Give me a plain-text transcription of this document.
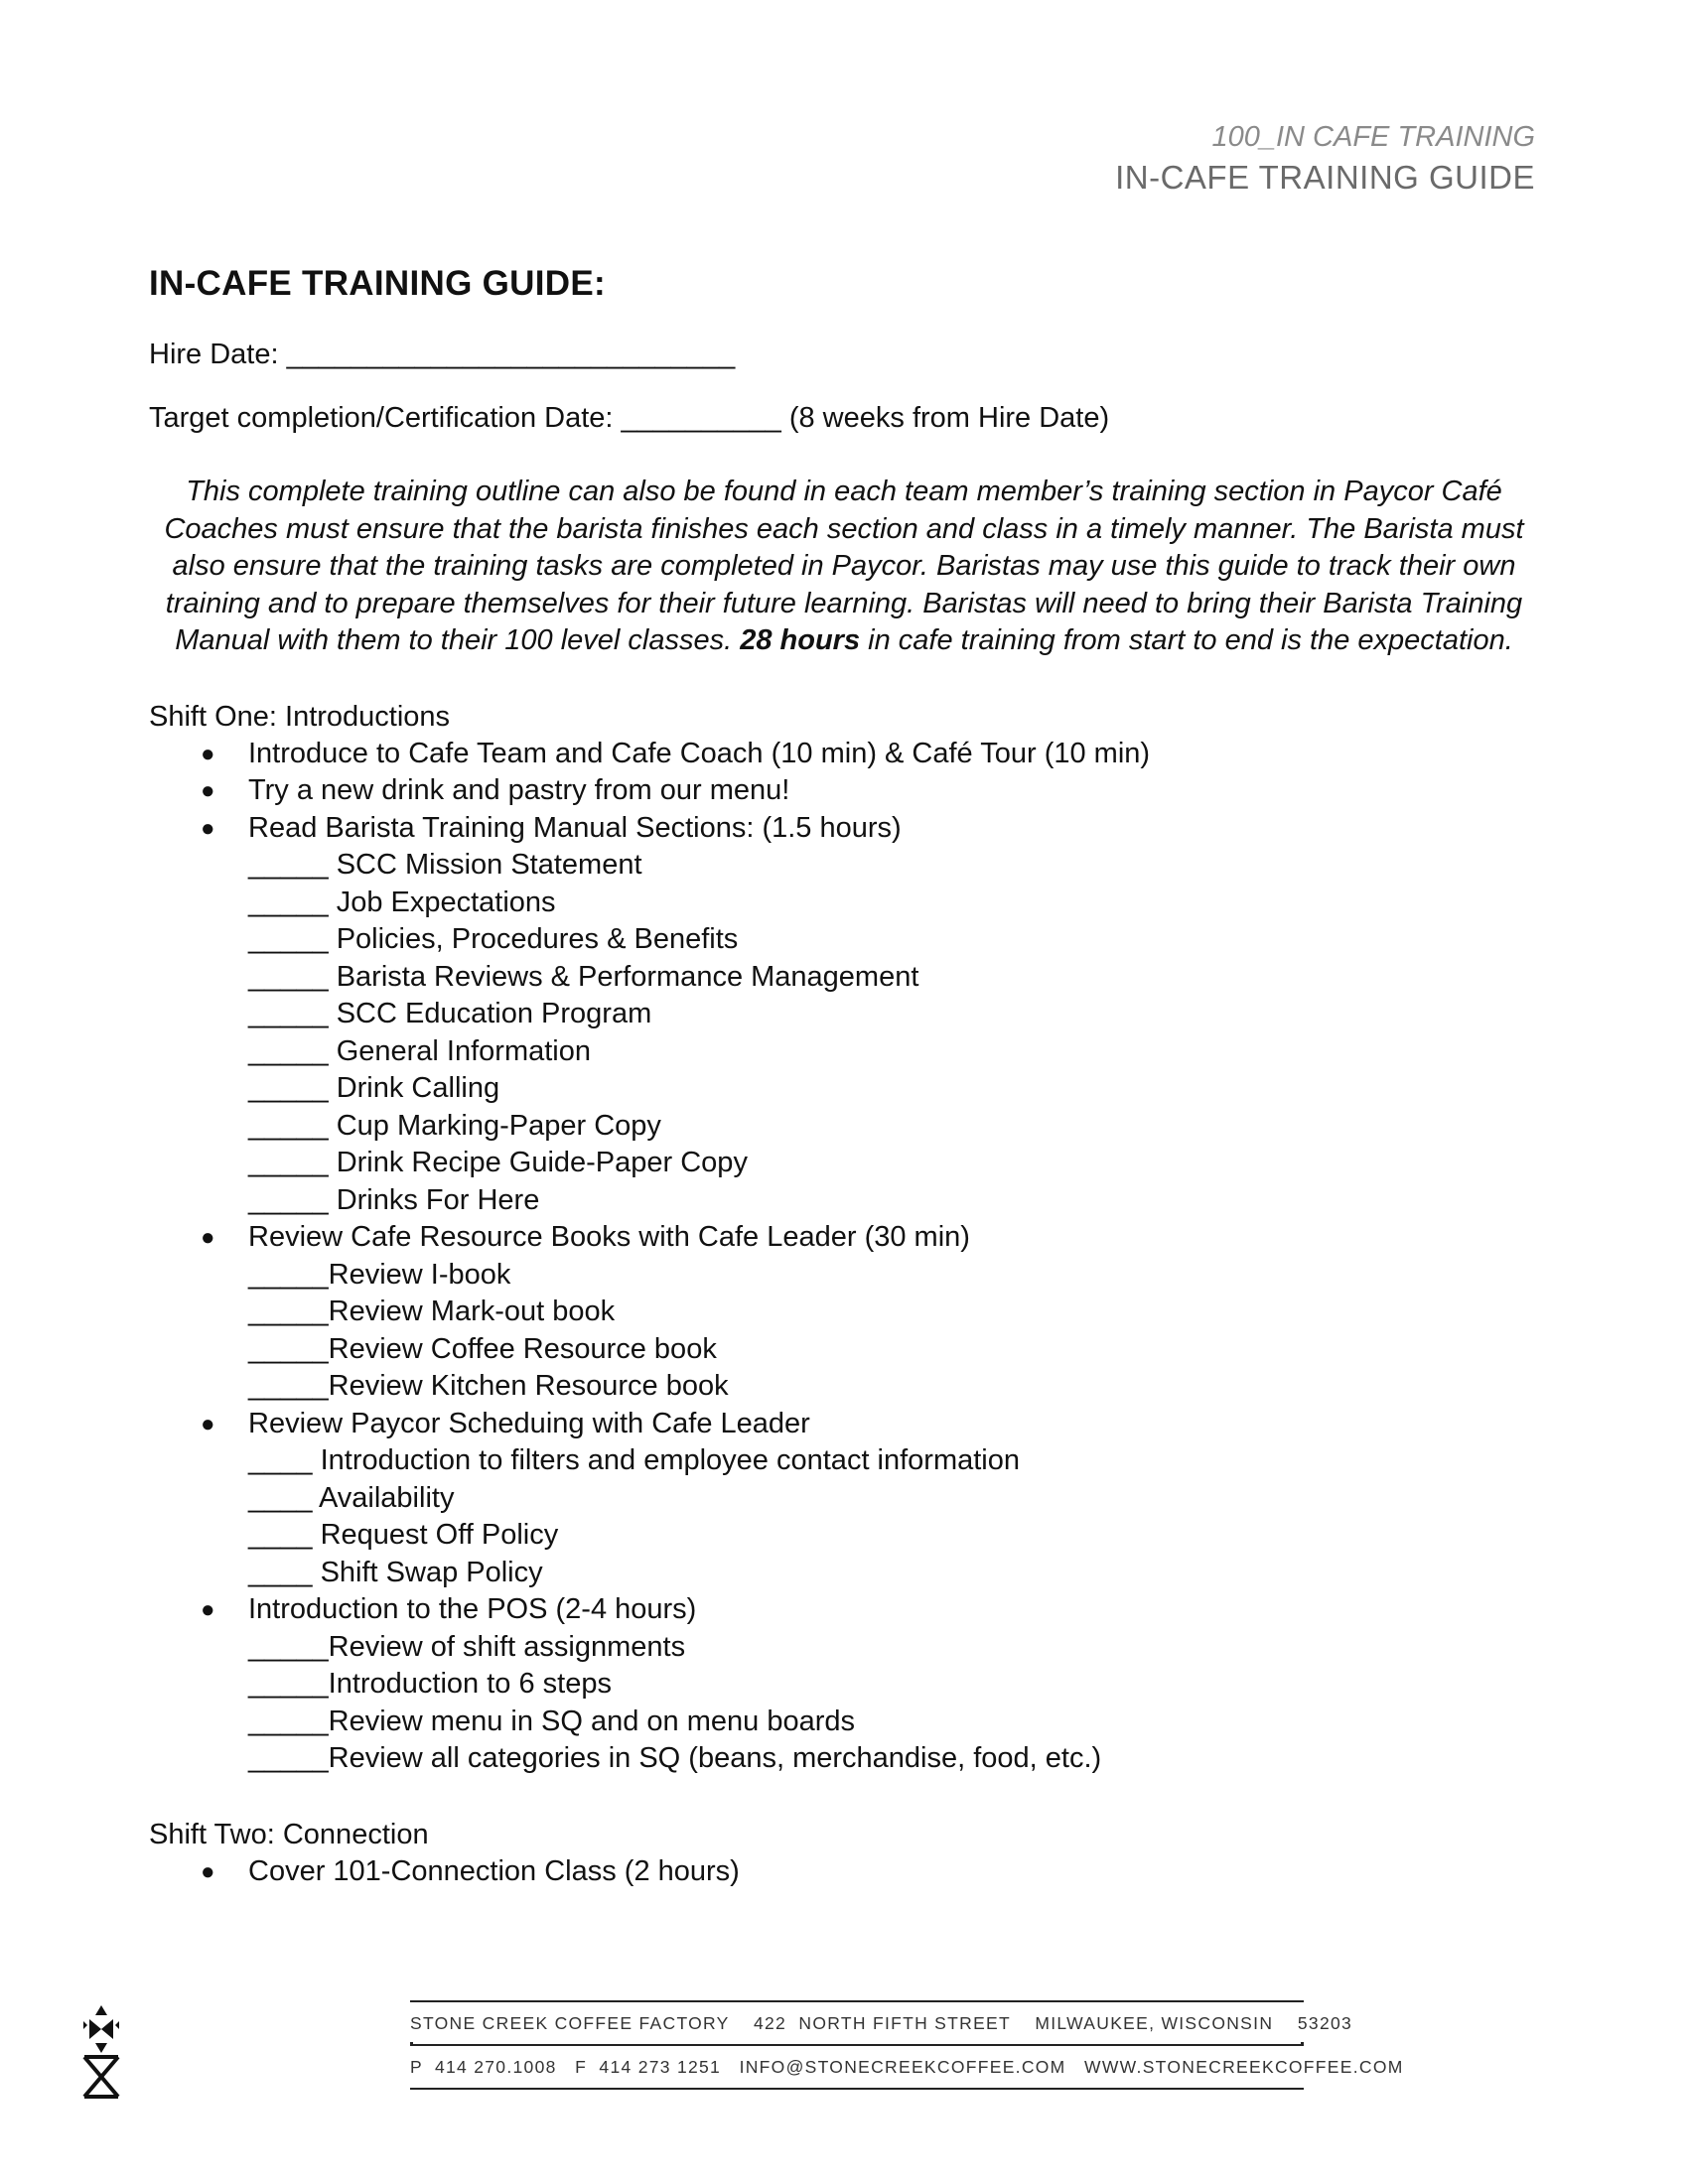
100_IN CAFE TRAINING
IN-CAFE TRAINING GUIDE
IN-CAFE TRAINING GUIDE:
Hire Date: ____________________________
Target completion/Certification Date: __________ (8 weeks from Hire Date)
This complete training outline can also be found in each team member’s training section in Paycor Café Coaches must ensure that the barista finishes each section and class in a timely manner. The Barista must also ensure that the training tasks are completed in Paycor. Baristas may use this guide to track their own training and to prepare themselves for their future learning. Baristas will need to bring their Barista Training Manual with them to their 100 level classes. 28 hours in cafe training from start to end is the expectation.
Shift One: Introductions
● Introduce to Cafe Team and Cafe Coach (10 min) & Café Tour (10 min)
● Try a new drink and pastry from our menu!
● Read Barista Training Manual Sections: (1.5 hours)
_____ SCC Mission Statement
_____ Job Expectations
_____ Policies, Procedures & Benefits
_____ Barista Reviews & Performance Management
_____ SCC Education Program
_____ General Information
_____ Drink Calling
_____ Cup Marking-Paper Copy
_____ Drink Recipe Guide-Paper Copy
_____ Drinks For Here
● Review Cafe Resource Books with Cafe Leader (30 min)
_____Review I-book
_____Review Mark-out book
_____Review Coffee Resource book
_____Review Kitchen Resource book
● Review Paycor Scheduing with Cafe Leader
____ Introduction to filters and employee contact information
____ Availability
____ Request Off Policy
____ Shift Swap Policy
● Introduction to the POS (2-4 hours)
_____Review of shift assignments
_____Introduction to 6 steps
_____Review menu in SQ and on menu boards
_____Review all categories in SQ (beans, merchandise, food, etc.)
Shift Two: Connection
● Cover 101-Connection Class (2 hours)
STONE CREEK COFFEE FACTORY    422  NORTH FIFTH STREET    MILWAUKEE, WISCONSIN    53203
P  414 270.1008   F  414 273 1251   INFO@STONECREEKCOFFEE.COM   WWW.STONECREEKCOFFEE.COM
